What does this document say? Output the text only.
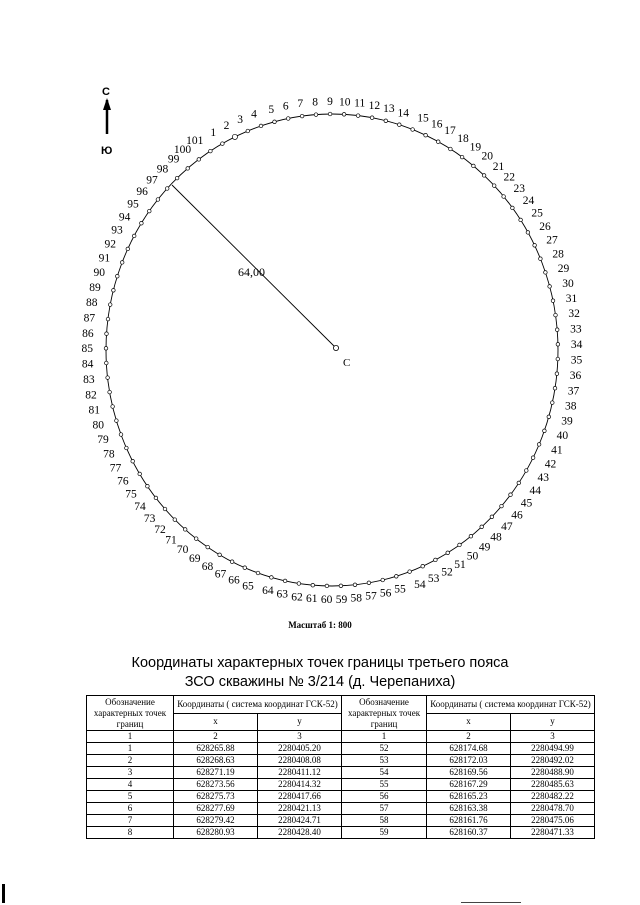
С
Ю
1
2
3 4 5 6 7 8 9 10 11 12 13 14 15 16
17
18
19
20
21
22
23
24
25
26
27
28
29
30
31
32
33
34
35
36
37
38
39
40
41
42
43
44
45
46
47
48
49
50
51
52
53
54
55
56
57
58
59
60
61
62
63
64
65
66
67
68
69
70
71
72
73
74
75
76
77
78
79
80
81
82
83
84
85
86
87
88
89
90
91
92
93
94
95
96
97
98
99
100
101
64,00
С
Масштаб 1: 800
Координаты характерных точек границы третьего пояса
ЗСО скважины № 3/214 (д. Черепаниха)
Обозначение характерных точек границ	Координаты ( система координат ГСК-52)		Обозначение характерных точек границ	Координаты ( система координат ГСК-52)	
	х	у		х	у
1	2	3	1	2	3
1	628265.88	2280405.20	52	628174.68	2280494.99
2	628268.63	2280408.08	53	628172.03	2280492.02
3	628271.19	2280411.12	54	628169.56	2280488.90
4	628273.56	2280414.32	55	628167.29	2280485.63
5	628275.73	2280417.66	56	628165.23	2280482.22
6	628277.69	2280421.13	57	628163.38	2280478.70
7	628279.42	2280424.71	58	628161.76	2280475.06
8	628280.93	2280428.40	59	628160.37	2280471.33
